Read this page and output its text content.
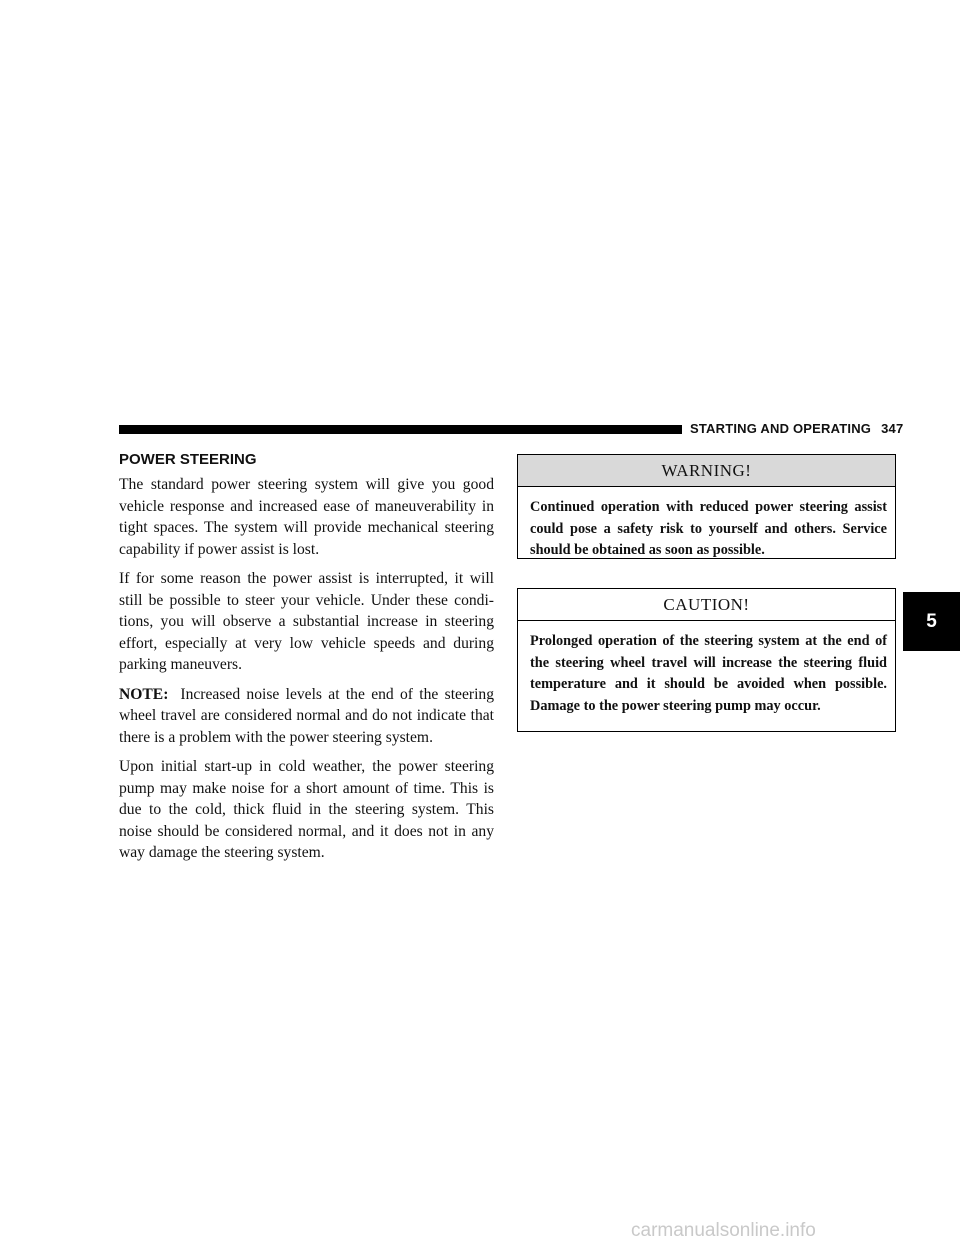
STARTING AND OPERATING 347
POWER STEERING

The standard power steering system will give you good vehicle response and increased ease of maneuverability in tight spaces. The system will provide mechanical steering capability if power assist is lost.

If for some reason the power assist is interrupted, it will still be possible to steer your vehicle. Under these conditions, you will observe a substantial increase in steering effort, especially at very low vehicle speeds and during parking maneuvers.

NOTE: Increased noise levels at the end of the steering wheel travel are considered normal and do not indicate that there is a problem with the power steering system.

Upon initial start-up in cold weather, the power steering pump may make noise for a short amount of time. This is due to the cold, thick fluid in the steering system. This noise should be considered normal, and it does not in any way damage the steering system.

WARNING!
Continued operation with reduced power steering assist could pose a safety risk to yourself and others. Service should be obtained as soon as possible.
CAUTION!
Prolonged operation of the steering system at the end of the steering wheel travel will increase the steering fluid temperature and it should be avoided when possible. Damage to the power steering pump may occur.
5
carmanualsonline.info
